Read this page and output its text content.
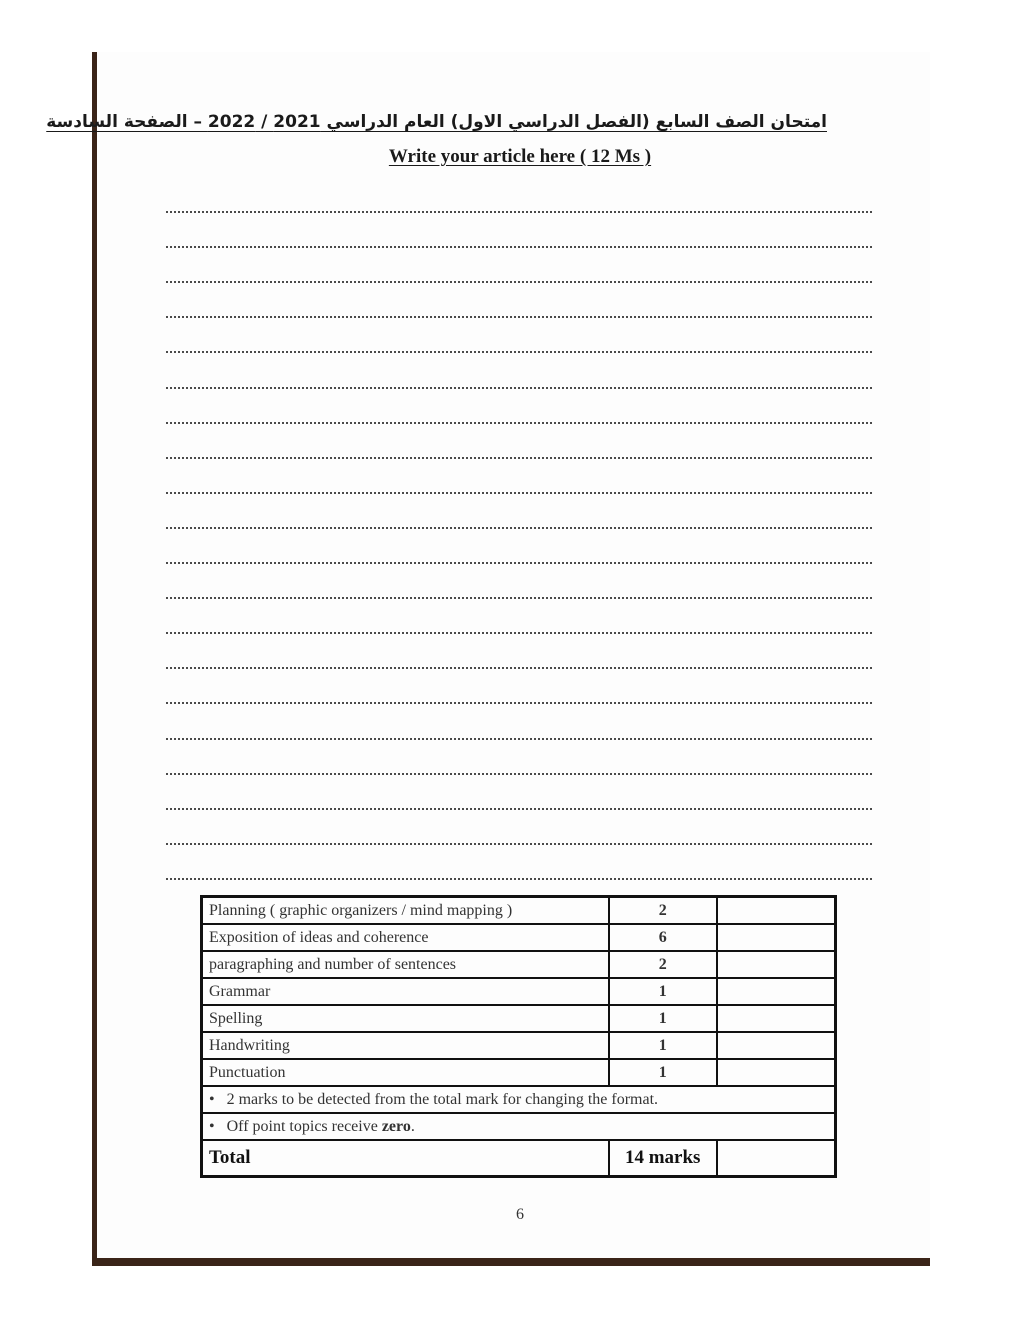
امتحان الصف السابع (الفصل الدراسي الاول) العام الدراسي 2021 / 2022 – الصفحة السادسة
Write your article here ( 12 Ms )
Planning ( graphic organizers / mind mapping )	2	
Exposition of ideas and coherence	6	
paragraphing and number of sentences	2	
Grammar	1	
Spelling	1	
Handwriting	1	
Punctuation	1	
• 2 marks to be detected from the total mark for changing the format.		
• Off point topics receive zero.		
Total	14 marks	
6
